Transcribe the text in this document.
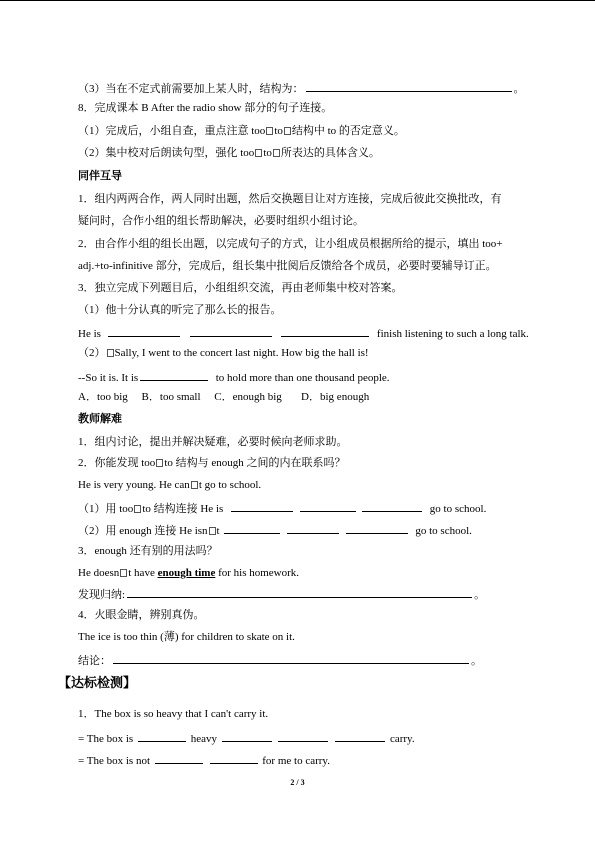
（3）当在不定式前需要加上某人时，结构为：	。
8．完成课本 B After the radio show 部分的句子连接。
（1）完成后，小组自查，重点注意 too to 结构中 to 的否定意义。
（2）集中校对后朗读句型，强化 too to 所表达的具体含义。
同伴互导
1．组内两两合作，两人同时出题，然后交换题目让对方连接，完成后彼此交换批改，有
疑问时，合作小组的组长帮助解决，必要时组织小组讨论。
2．由合作小组的组长出题，以完成句子的方式，让小组成员根据所给的提示，填出 too+
adj.+to-infinitive 部分，完成后，组长集中批阅后反馈给各个成员，必要时要辅导订正。
3．独立完成下列题目后，小组组织交流，再由老师集中校对答案。
（1）他十分认真的听完了那么长的报告。
He is	finish listening to such a long talk.
（2） Sally, I went to the concert last night. How big the hall is!
--So it is. It is	to hold more than one thousand people.
A．too big     B．too small     C．enough big       D．big enough
教师解难
1．组内讨论，提出并解决疑难，必要时候向老师求助。
2．你能发现 too to 结构与 enough 之间的内在联系吗？
He is very young. He can t go to school.
（1）用 too to 结构连接 He is	go to school.
（2）用 enough 连接 He isn t	go to school.
3．enough 还有别的用法吗？
He doesn t have enough time for his homework.
发现归纳:	。
4．火眼金睛，辨别真伪。
The ice is too thin (薄) for children to skate on it.
结论：	。
【达标检测】
1．The box is so heavy that I can't carry it.
= The box is	heavy	carry.
= The box is not	for me to carry.
2 / 3
